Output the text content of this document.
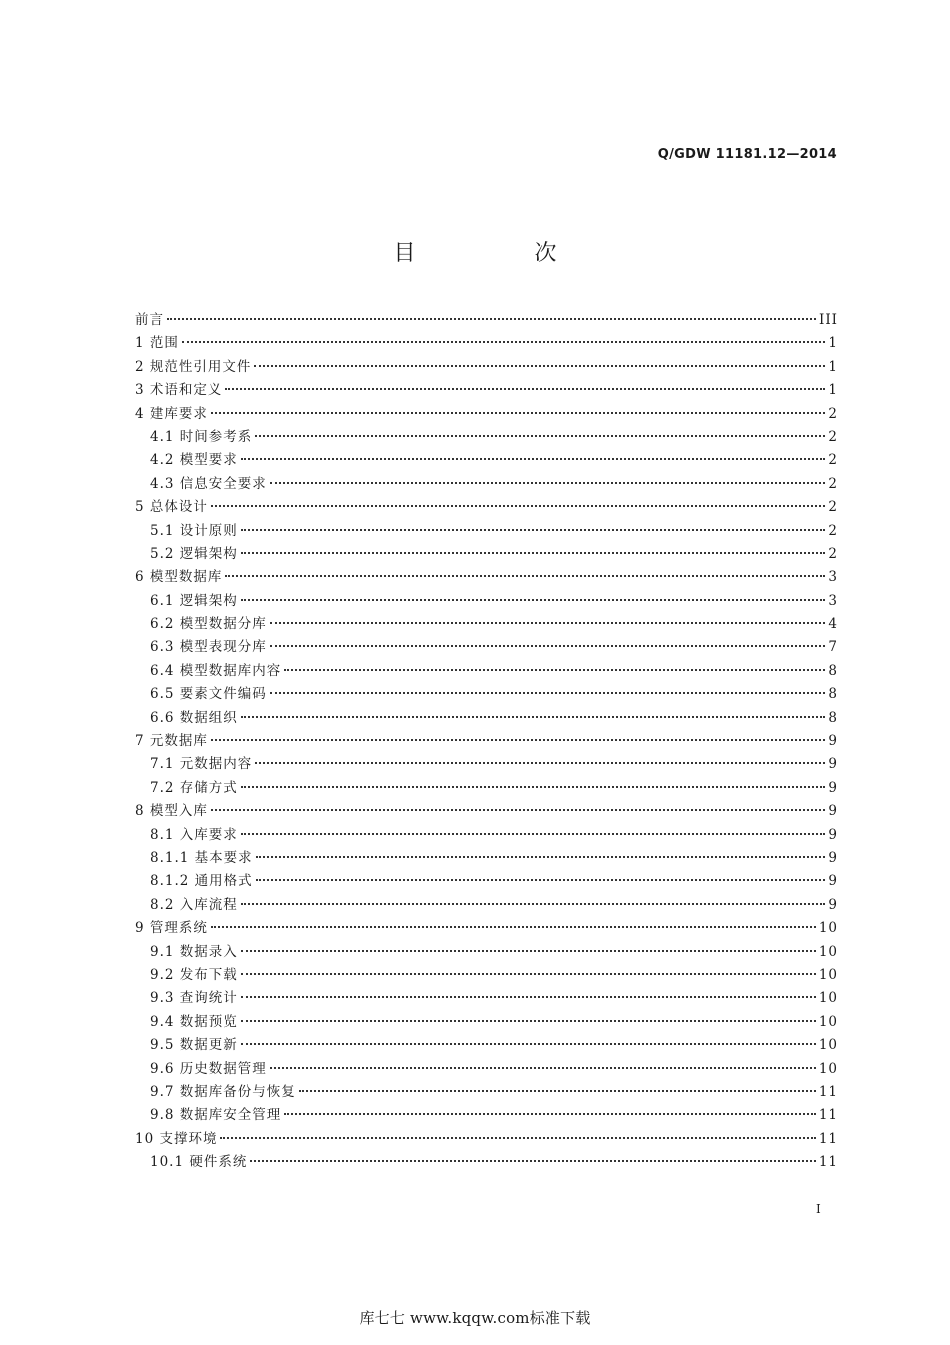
Q/GDW 11181.12—2014
目 次
前言	III
1 范围	1
2 规范性引用文件	1
3 术语和定义	1
4 建库要求	2
4.1 时间参考系	2
4.2 模型要求	2
4.3 信息安全要求	2
5 总体设计	2
5.1 设计原则	2
5.2 逻辑架构	2
6 模型数据库	3
6.1 逻辑架构	3
6.2 模型数据分库	4
6.3 模型表现分库	7
6.4 模型数据库内容	8
6.5 要素文件编码	8
6.6 数据组织	8
7 元数据库	9
7.1 元数据内容	9
7.2 存储方式	9
8 模型入库	9
8.1 入库要求	9
8.1.1 基本要求	9
8.1.2 通用格式	9
8.2 入库流程	9
9 管理系统	10
9.1 数据录入	10
9.2 发布下载	10
9.3 查询统计	10
9.4 数据预览	10
9.5 数据更新	10
9.6 历史数据管理	10
9.7 数据库备份与恢复	11
9.8 数据库安全管理	11
10 支撑环境	11
10.1 硬件系统	11
I
库七七 www.kqqw.com标准下载
